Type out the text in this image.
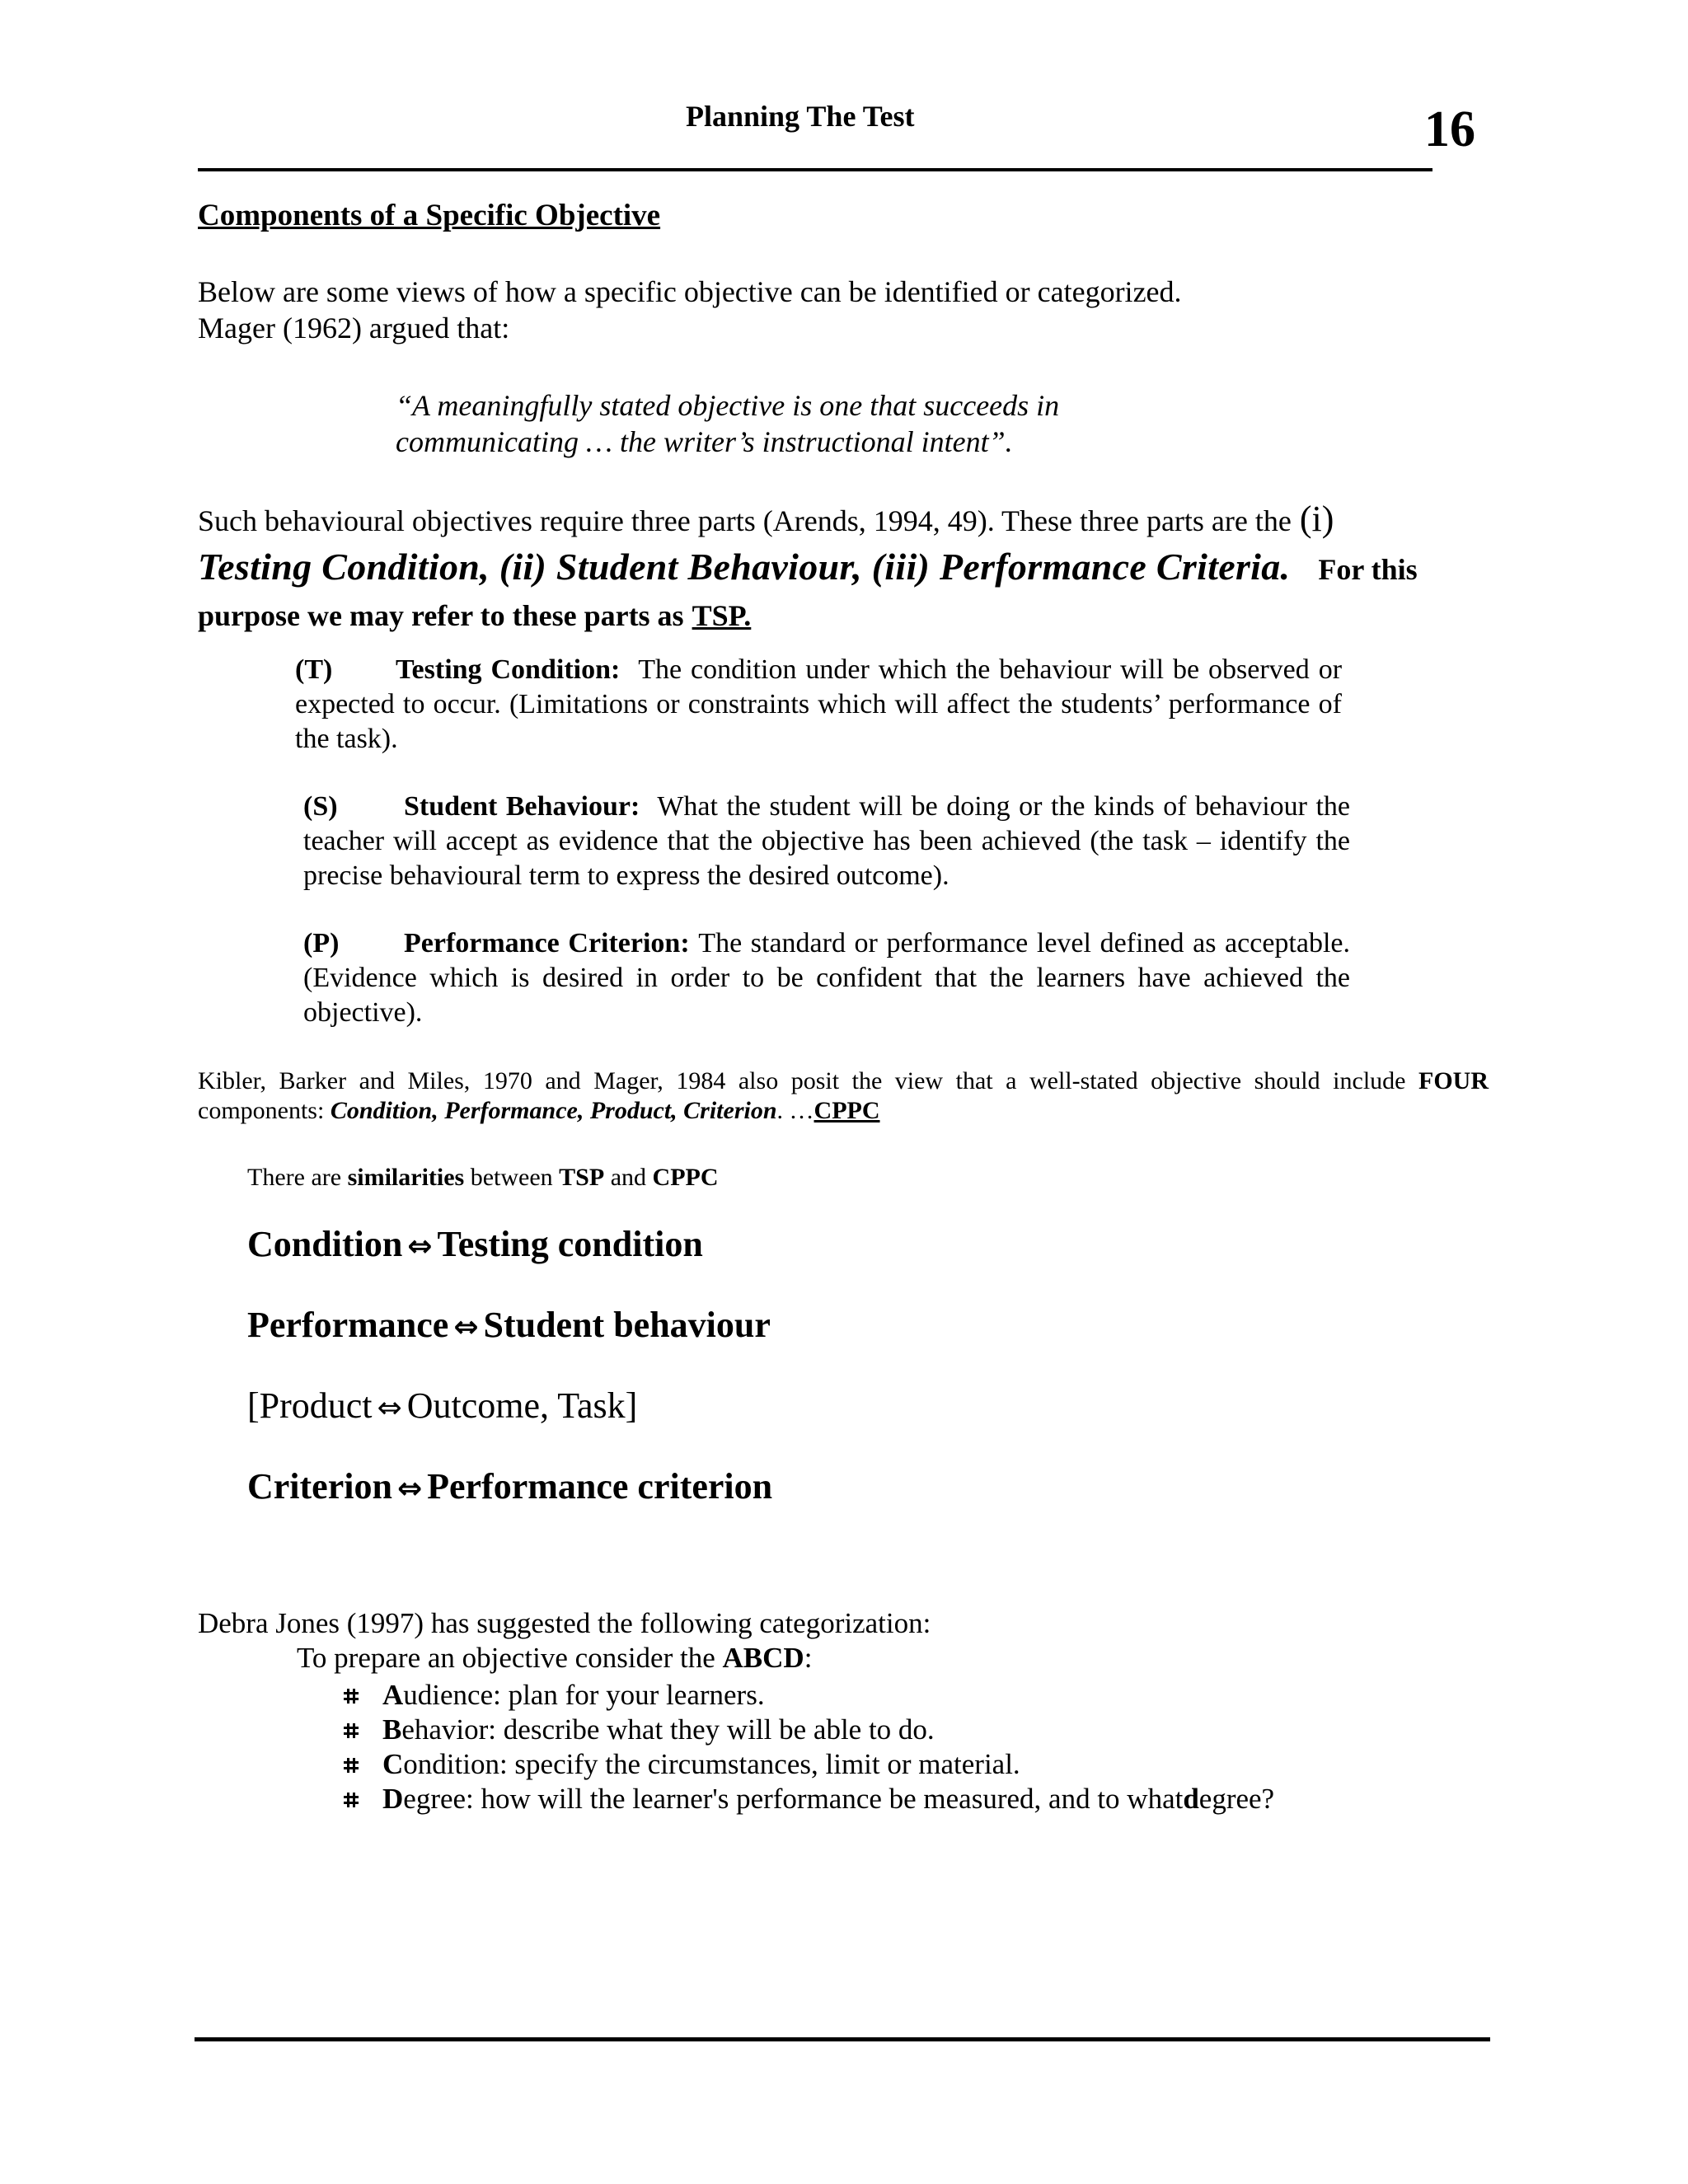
Planning The Test	16
Components of a Specific Objective
Below are some views of how a specific objective can be identified or categorized.
Mager (1962) argued that:
“A meaningfully stated objective is one that succeeds in
communicating … the writer’s instructional intent”.
Such behavioural objectives require three parts (Arends, 1994, 49). These three parts are the (i)
Testing Condition, (ii) Student Behaviour, (iii) Performance Criteria. For this
purpose we may refer to these parts as TSP.
(T) Testing Condition: The condition under which the behaviour will be observed or expected to occur. (Limitations or constraints which will affect the students’ performance of the task).
(S) Student Behaviour: What the student will be doing or the kinds of behaviour the teacher will accept as evidence that the objective has been achieved (the task – identify the precise behavioural term to express the desired outcome).
(P) Performance Criterion: The standard or performance level defined as acceptable. (Evidence which is desired in order to be confident that the learners have achieved the objective).
Kibler, Barker and Miles, 1970 and Mager, 1984 also posit the view that a well-stated objective should include FOUR components: Condition, Performance, Product, Criterion. …CPPC
There are similarities between TSP and CPPC
Condition ⇔ Testing condition
Performance ⇔ Student behaviour
[Product ⇔ Outcome, Task]
Criterion ⇔ Performance criterion
Debra Jones (1997) has suggested the following categorization:
To prepare an objective consider the ABCD:
A udience: plan for your learners.
B ehavior: describe what they will be able to do.
C ondition: specify the circumstances, limit or material.
D egree: how will the learner's performance be measured, and to what d egree?
